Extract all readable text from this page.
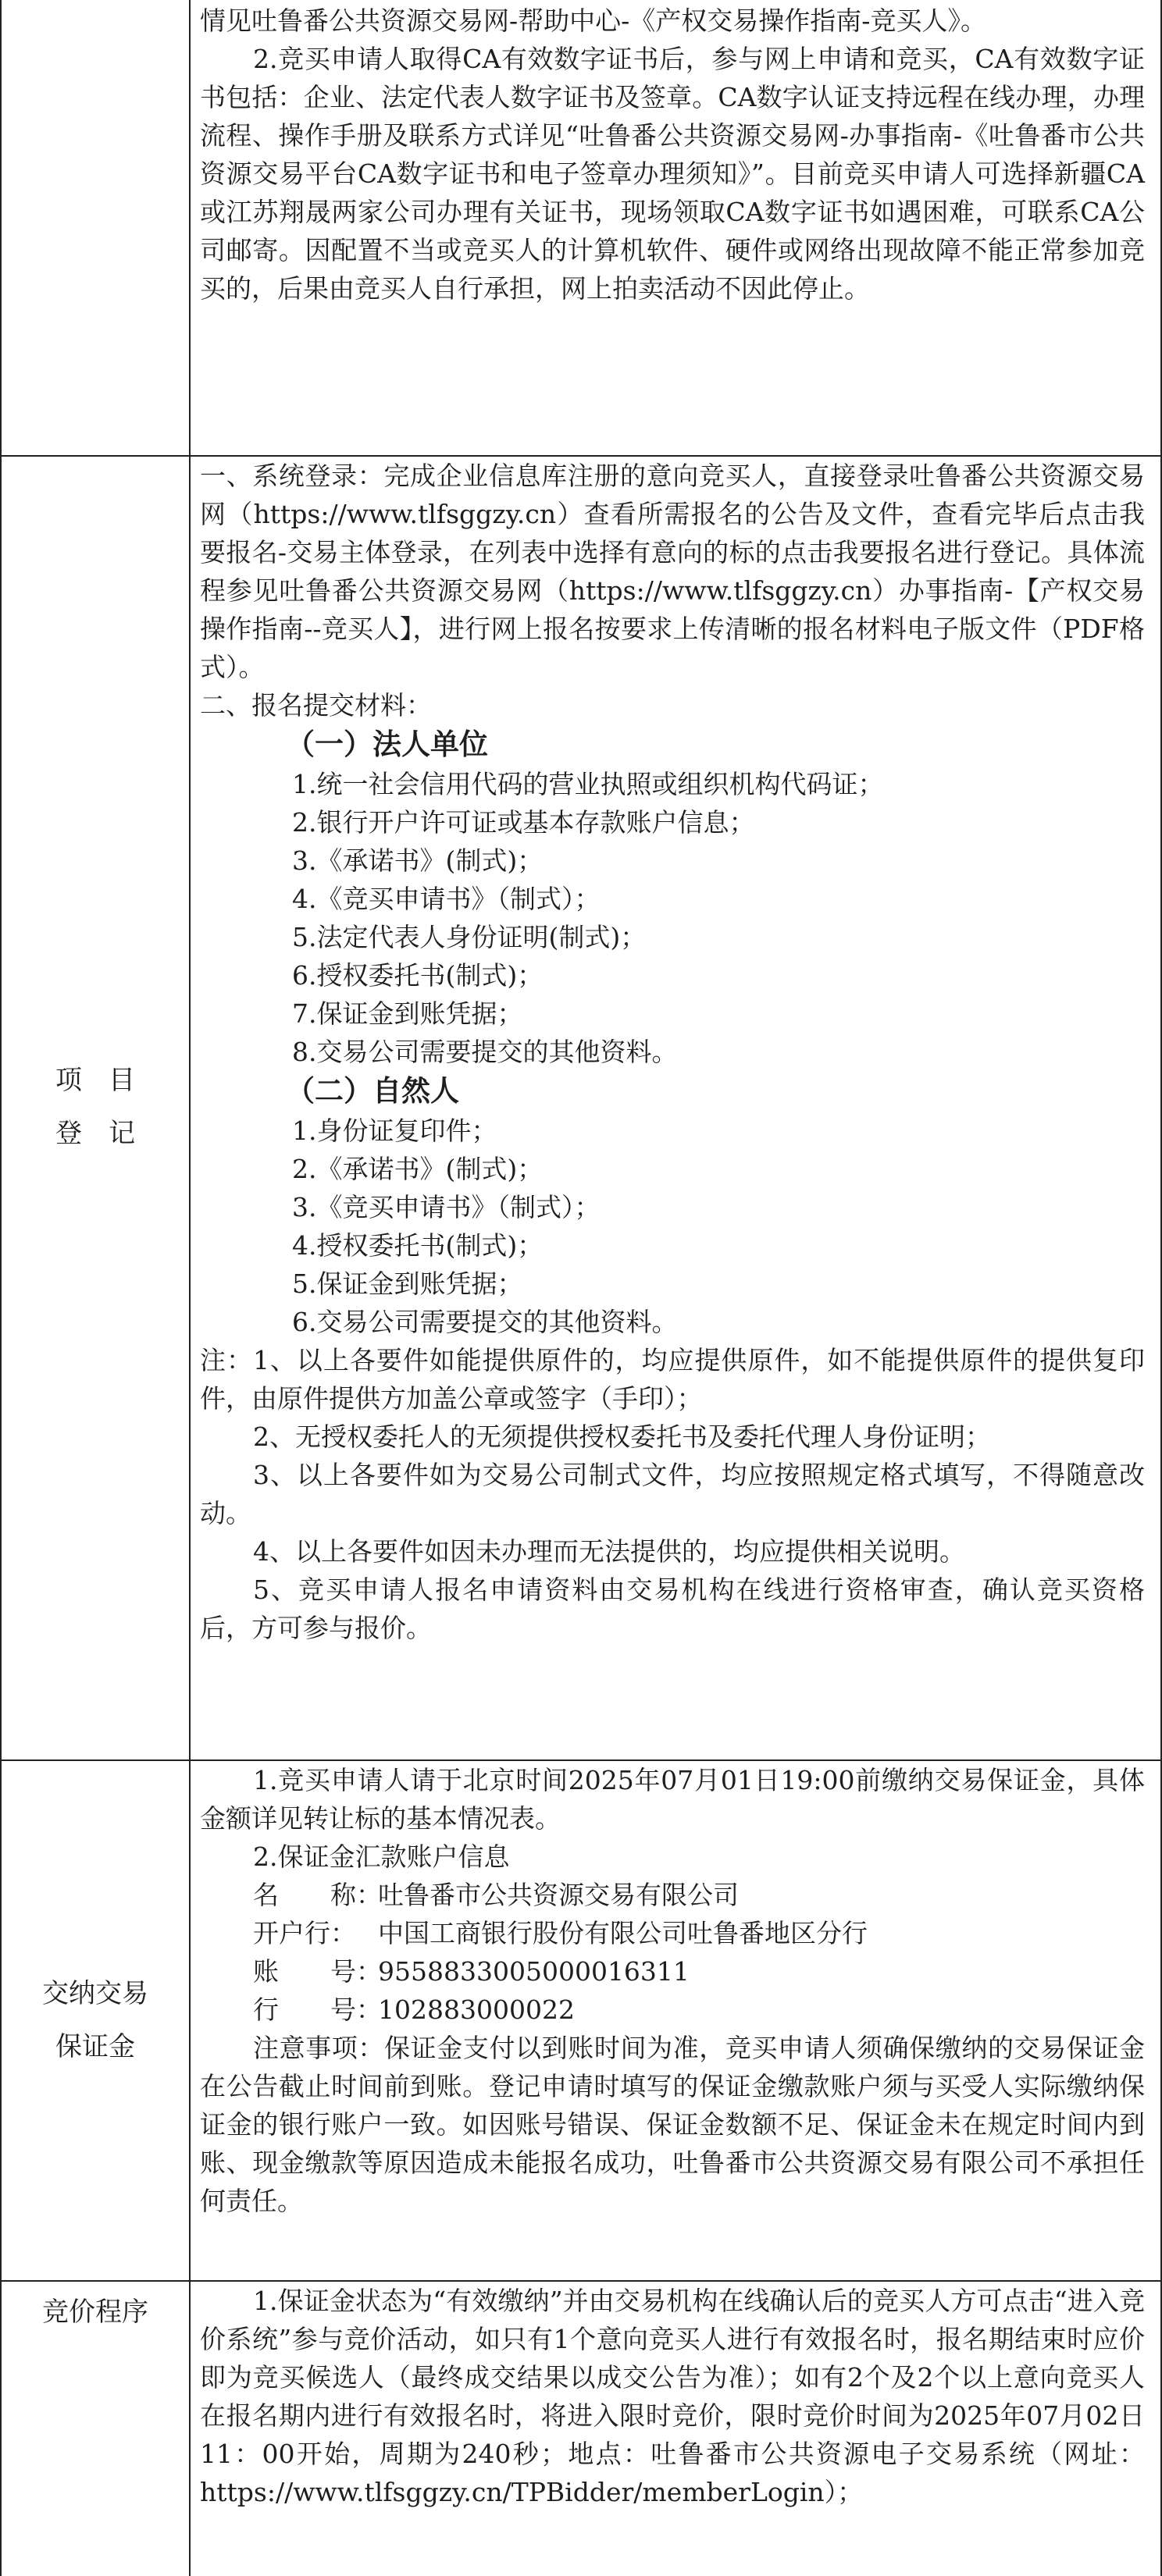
情见吐鲁番公共资源交易网-帮助中心-《产权交易操作指南-竞买人》。

2.竞买申请人取得CA有效数字证书后，参与网上申请和竞买，CA有效数字证书包括：企业、法定代表人数字证书及签章。CA数字认证支持远程在线办理，办理流程、操作手册及联系方式详见“吐鲁番公共资源交易网-办事指南-《吐鲁番市公共资源交易平台CA数字证书和电子签章办理须知》”。目前竞买申请人可选择新疆CA或江苏翔晟两家公司办理有关证书，现场领取CA数字证书如遇困难，可联系CA公司邮寄。因配置不当或竞买人的计算机软件、硬件或网络出现故障不能正常参加竞买的，后果由竞买人自行承担，网上拍卖活动不因此停止。

项　目
登　记

一、系统登录：完成企业信息库注册的意向竞买人，直接登录吐鲁番公共资源交易网（https://www.tlfsggzy.cn）查看所需报名的公告及文件，查看完毕后点击我要报名-交易主体登录，在列表中选择有意向的标的点击我要报名进行登记。具体流程参见吐鲁番公共资源交易网（https://www.tlfsggzy.cn）办事指南-【产权交易操作指南--竞买人】，进行网上报名按要求上传清晰的报名材料电子版文件（PDF格式）。

二、报名提交材料：

（一）法人单位

1.统一社会信用代码的营业执照或组织机构代码证；

2.银行开户许可证或基本存款账户信息；

3.《承诺书》(制式)；

4.《竞买申请书》（制式）；

5.法定代表人身份证明(制式)；

6.授权委托书(制式)；

7.保证金到账凭据；

8.交易公司需要提交的其他资料。

（二）自然人

1.身份证复印件；

2.《承诺书》(制式)；

3.《竞买申请书》（制式）；

4.授权委托书(制式)；

5.保证金到账凭据；

6.交易公司需要提交的其他资料。

注：1、以上各要件如能提供原件的，均应提供原件，如不能提供原件的提供复印件，由原件提供方加盖公章或签字（手印）；

2、无授权委托人的无须提供授权委托书及委托代理人身份证明；

3、以上各要件如为交易公司制式文件，均应按照规定格式填写，不得随意改动。

4、以上各要件如因未办理而无法提供的，均应提供相关说明。

5、竞买申请人报名申请资料由交易机构在线进行资格审查，确认竞买资格后，方可参与报价。

交纳交易
保证金

1.竞买申请人请于北京时间2025年07月01日19:00前缴纳交易保证金，具体金额详见转让标的基本情况表。

2.保证金汇款账户信息

名　　称：吐鲁番市公共资源交易有限公司

开户行： 中国工商银行股份有限公司吐鲁番地区分行

账　　号：9558833005000016311

行　　号：102883000022

注意事项：保证金支付以到账时间为准，竞买申请人须确保缴纳的交易保证金在公告截止时间前到账。登记申请时填写的保证金缴款账户须与买受人实际缴纳保证金的银行账户一致。如因账号错误、保证金数额不足、保证金未在规定时间内到账、现金缴款等原因造成未能报名成功，吐鲁番市公共资源交易有限公司不承担任何责任。

竞价程序	1.保证金状态为“有效缴纳”并由交易机构在线确认后的竞买人方可点击“进入竞价系统”参与竞价活动，如只有1个意向竞买人进行有效报名时，报名期结束时应价即为竞买候选人（最终成交结果以成交公告为准）；如有2个及2个以上意向竞买人在报名期内进行有效报名时，将进入限时竞价，限时竞价时间为2025年07月02日11：00开始，周期为240秒；地点：吐鲁番市公共资源电子交易系统（网址：https://www.tlfsggzy.cn/TPBidder/memberLogin）；
